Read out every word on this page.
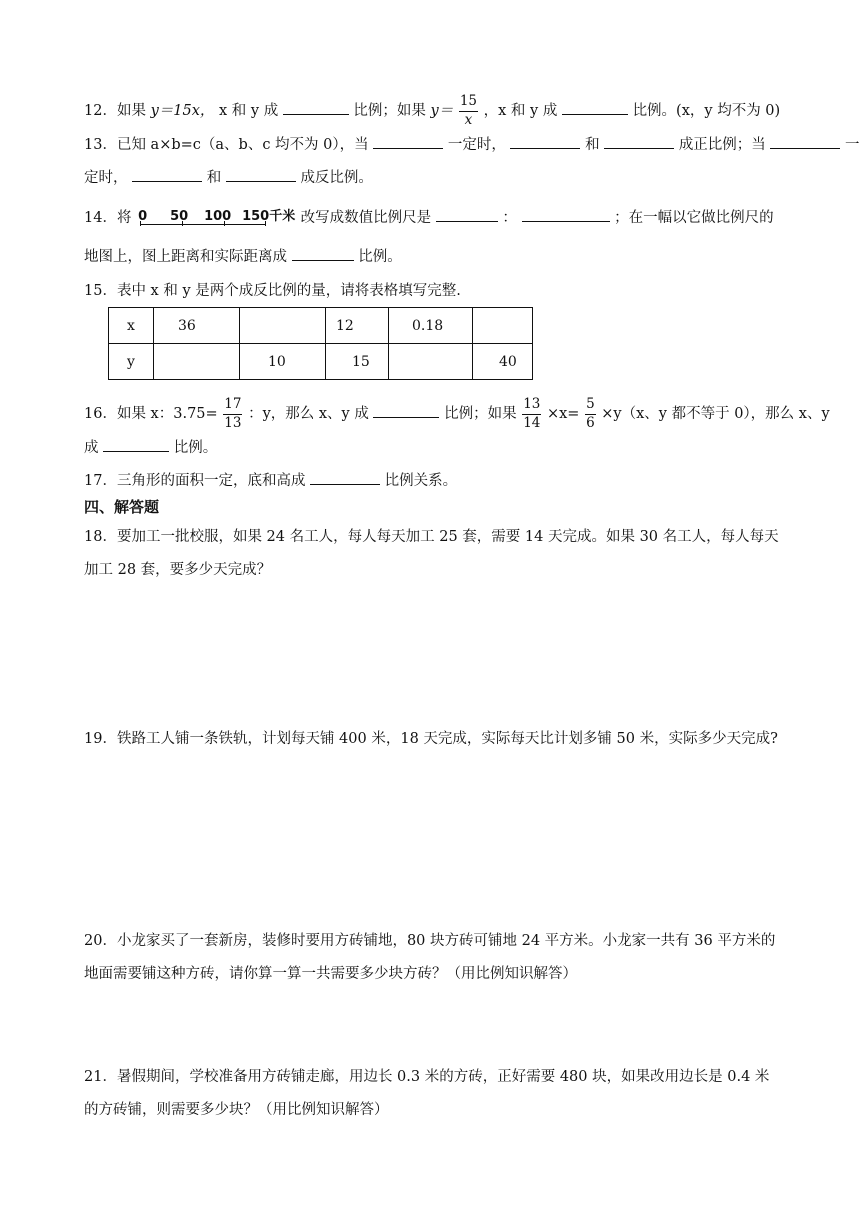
12．如果 y＝15x， x 和 y 成	比例；如果 $y= \frac{15}{x}$ ，x 和 y 成	比例。(x，y 均不为 0)
13．已知 a×b=c（a、b、c 均不为 0），当	一定时，	和	成正比例；当	一
定时，	和	成反比例。
14．将 0 50 100 150千米 改写成数值比例尺是	：	；在一幅以它做比例尺的
地图上，图上距离和实际距离成	比例。
15．表中 x 和 y 是两个成反比例的量，请将表格填写完整.
x	36		12	0.18	
y		10	15		40
16．如果 x：$3.75= \frac{17}{13}$ ：y，那么 x、y 成	比例；如果 $\frac{13}{14} \times x= \frac{5}{6} \times y(x$、y 都不等于 0），那么 x、y
成	比例。
17．三角形的面积一定，底和高成	比例关系。
四、解答题
18．要加工一批校服，如果 24 名工人，每人每天加工 25 套，需要 14 天完成。如果 30 名工人，每人每天
加工 28 套，要多少天完成？
19．铁路工人铺一条铁轨，计划每天铺 400 米，18 天完成，实际每天比计划多铺 50 米，实际多少天完成?
20．小龙家买了一套新房，装修时要用方砖铺地，80 块方砖可铺地 24 平方米。小龙家一共有 36 平方米的
地面需要铺这种方砖，请你算一算一共需要多少块方砖？（用比例知识解答）
21．暑假期间，学校准备用方砖铺走廊，用边长 0.3 米的方砖，正好需要 480 块，如果改用边长是 0.4 米
的方砖铺，则需要多少块？（用比例知识解答）
